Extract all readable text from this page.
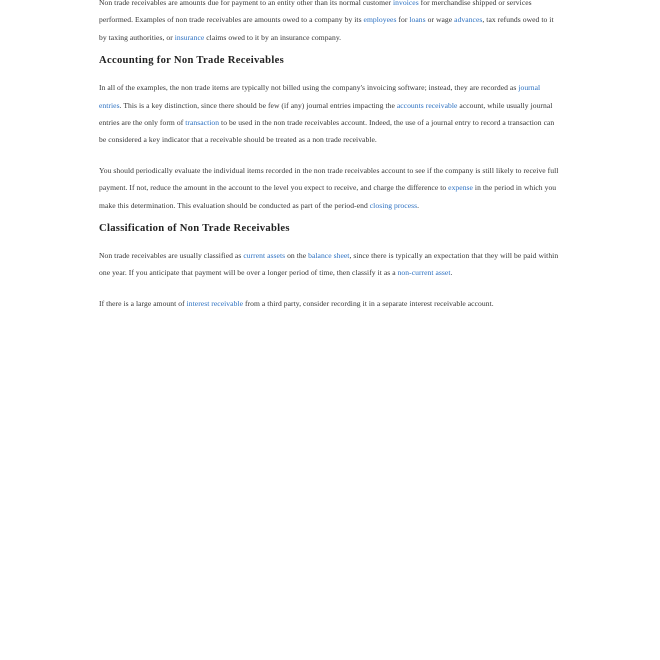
Non trade receivables are amounts due for payment to an entity other than its normal customer invoices for merchandise shipped or services performed. Examples of non trade receivables are amounts owed to a company by its employees for loans or wage advances, tax refunds owed to it by taxing authorities, or insurance claims owed to it by an insurance company.

Accounting for Non Trade Receivables

In all of the examples, the non trade items are typically not billed using the company's invoicing software; instead, they are recorded as journal entries. This is a key distinction, since there should be few (if any) journal entries impacting the accounts receivable account, while usually journal entries are the only form of transaction to be used in the non trade receivables account. Indeed, the use of a journal entry to record a transaction can be considered a key indicator that a receivable should be treated as a non trade receivable.

You should periodically evaluate the individual items recorded in the non trade receivables account to see if the company is still likely to receive full payment. If not, reduce the amount in the account to the level you expect to receive, and charge the difference to expense in the period in which you make this determination. This evaluation should be conducted as part of the period-end closing process.

Classification of Non Trade Receivables

Non trade receivables are usually classified as current assets on the balance sheet, since there is typically an expectation that they will be paid within one year. If you anticipate that payment will be over a longer period of time, then classify it as a non-current asset.

If there is a large amount of interest receivable from a third party, consider recording it in a separate interest receivable account.
